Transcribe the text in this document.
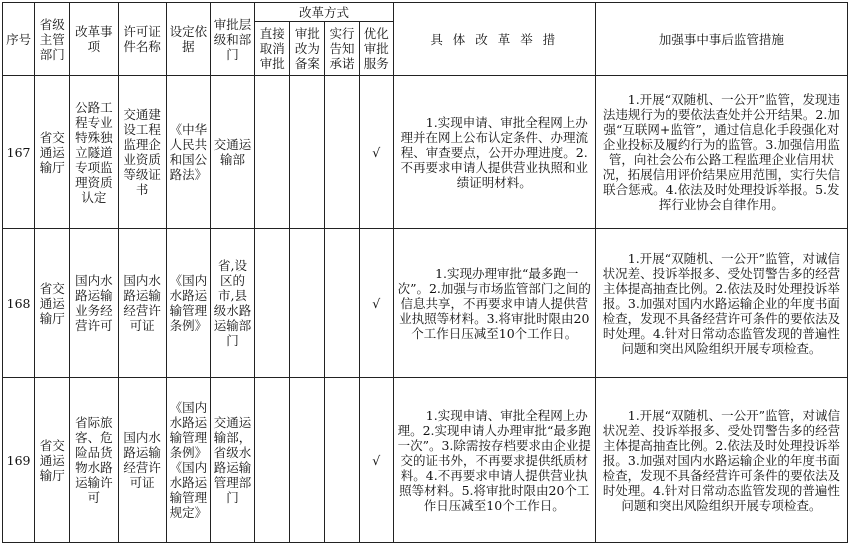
序号	省级主管部门	改革事项	许可证件名称	设定依据	审批层级和部门	改革方式				具 体 改 革 举 措	加强事中事后监管措施
						直接取消审批	审批改为备案	实行告知承诺	优化审批服务		
167	省交通运输厅	公路工程专业特殊独立隧道专项监理资质认定	交通建设工程监理企业资质等级证书	《中华人民共和国公路法》	交通运输部				√	1.实现申请、审批全程网上办理并在网上公布认定条件、办理流程、审查要点，公开办理进度。2.不再要求申请人提供营业执照和业绩证明材料。	1.开展“双随机、一公开”监管，发现违法违规行为的要依法查处并公开结果。2.加强“互联网+监管”，通过信息化手段强化对企业投标及履约行为的监管。3.加强信用监管，向社会公布公路工程监理企业信用状况，拓展信用评价结果应用范围，实行失信联合惩戒。4.依法及时处理投诉举报。5.发挥行业协会自律作用。

168	省交通运输厅	国内水路运输业务经营许可	国内水路运输经营许可证	《国内水路运输管理条例》	省,设区的市,县级水路运输部门				√	1.实现办理审批“最多跑一次”。2.加强与市场监管部门之间的信息共享，不再要求申请人提供营业执照等材料。3.将审批时限由20个工作日压减至10个工作日。	1.开展“双随机、一公开”监管，对诚信状况差、投诉举报多、受处罚警告多的经营主体提高抽查比例。2.依法及时处理投诉举报。3.加强对国内水路运输企业的年度书面检查，发现不具备经营许可条件的要依法及时处理。4.针对日常动态监管发现的普遍性问题和突出风险组织开展专项检查。

169	省交通运输厅	省际旅客、危险品货物水路运输许可	国内水路运输经营许可证	《国内水路运输管理条例》《国内水路运输管理规定》	交通运输部，省级水路运输管理部门				√	1.实现申请、审批全程网上办理。2.实现申请人办理审批“最多跑一次”。3.除需按存档要求由企业提交的证书外，不再要求提供纸质材料。4.不再要求申请人提供营业执照等材料。5.将审批时限由20个工作日压减至10个工作日。	1.开展“双随机、一公开”监管，对诚信状况差、投诉举报多、受处罚警告多的经营主体提高抽查比例。2.依法及时处理投诉举报。3.加强对国内水路运输企业的年度书面检查，发现不具备经营许可条件的要依法及时处理。4.针对日常动态监管发现的普遍性问题和突出风险组织开展专项检查。
